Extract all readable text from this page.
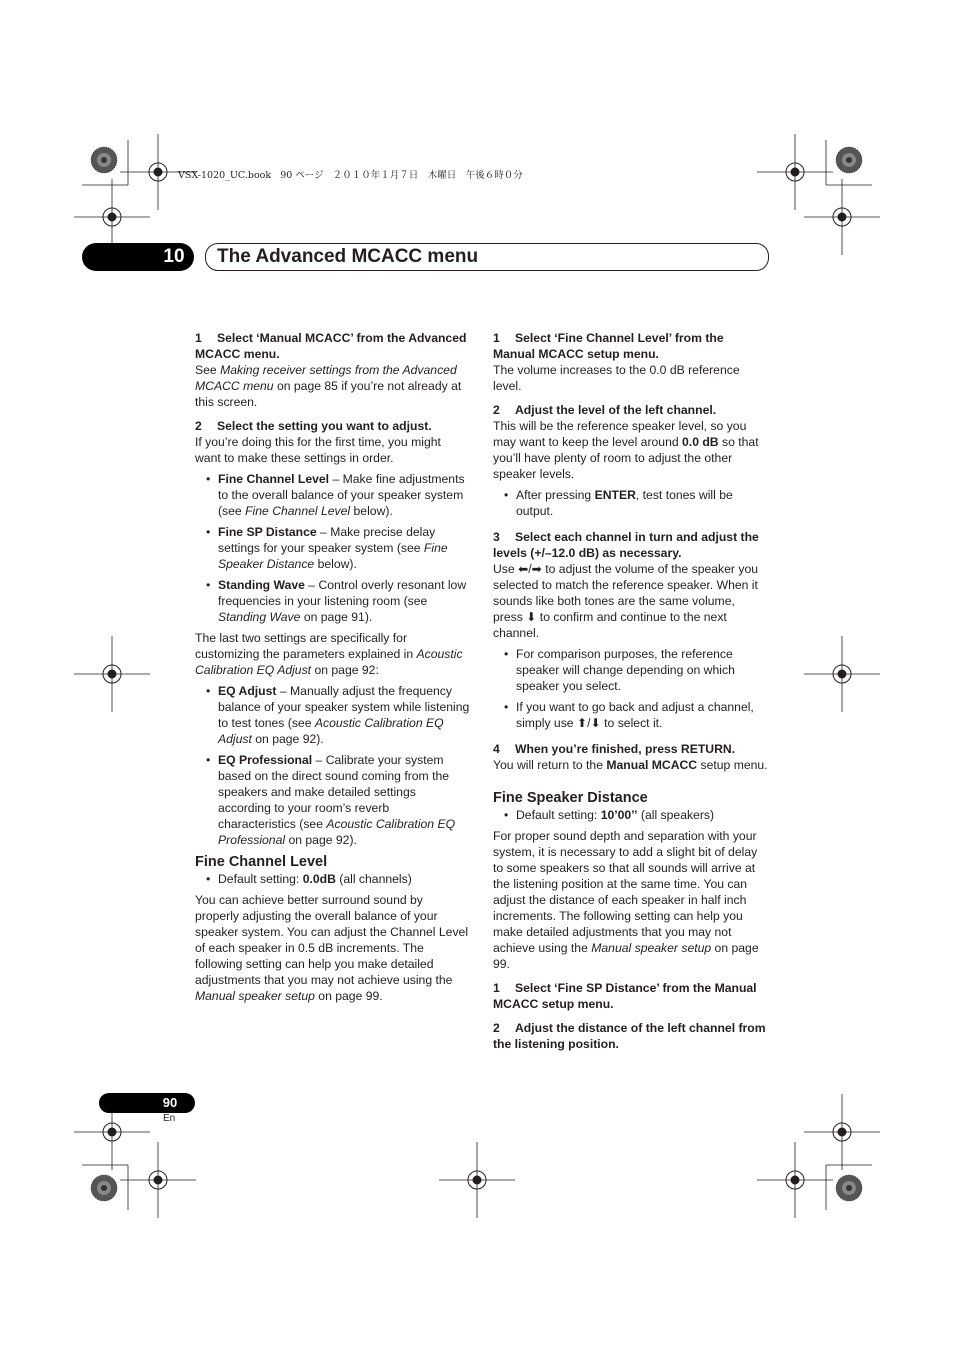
VSX-1020_UC.book   90 ページ   ２０１０年１月７日　木曜日　午後６時０分
10	The Advanced MCACC menu

1 Select ‘Manual MCACC’ from the Advanced MCACC menu.

See Making receiver settings from the Advanced MCACC menu on page 85 if you’re not already at this screen.

2 Select the setting you want to adjust.

If you’re doing this for the first time, you might want to make these settings in order.

• Fine Channel Level – Make fine adjustments to the overall balance of your speaker system (see Fine Channel Level below).
• Fine SP Distance – Make precise delay settings for your speaker system (see Fine Speaker Distance below).
• Standing Wave – Control overly resonant low frequencies in your listening room (see Standing Wave on page 91).

The last two settings are specifically for customizing the parameters explained in Acoustic Calibration EQ Adjust on page 92:

• EQ Adjust – Manually adjust the frequency balance of your speaker system while listening to test tones (see Acoustic Calibration EQ Adjust on page 92).
• EQ Professional – Calibrate your system based on the direct sound coming from the speakers and make detailed settings according to your room’s reverb characteristics (see Acoustic Calibration EQ Professional on page 92).

Fine Channel Level

• Default setting: 0.0dB (all channels)

You can achieve better surround sound by properly adjusting the overall balance of your speaker system. You can adjust the Channel Level of each speaker in 0.5 dB increments. The following setting can help you make detailed adjustments that you may not achieve using the Manual speaker setup on page 99.

1 Select ‘Fine Channel Level’ from the Manual MCACC setup menu.

The volume increases to the 0.0 dB reference level.

2 Adjust the level of the left channel.

This will be the reference speaker level, so you may want to keep the level around 0.0 dB so that you’ll have plenty of room to adjust the other speaker levels.

• After pressing ENTER, test tones will be output.

3 Select each channel in turn and adjust the levels (+/–12.0 dB) as necessary.

Use ⬅/➡ to adjust the volume of the speaker you selected to match the reference speaker. When it sounds like both tones are the same volume, press ⬇ to confirm and continue to the next channel.

• For comparison purposes, the reference speaker will change depending on which speaker you select.
• If you want to go back and adjust a channel, simply use ⬆/⬇ to select it.

4 When you’re finished, press RETURN.

You will return to the Manual MCACC setup menu.

Fine Speaker Distance

• Default setting: 10’00’’ (all speakers)

For proper sound depth and separation with your system, it is necessary to add a slight bit of delay to some speakers so that all sounds will arrive at the listening position at the same time. You can adjust the distance of each speaker in half inch increments. The following setting can help you make detailed adjustments that you may not achieve using the Manual speaker setup on page 99.

1 Select ‘Fine SP Distance’ from the Manual MCACC setup menu.

2 Adjust the distance of the left channel from the listening position.

90
En
